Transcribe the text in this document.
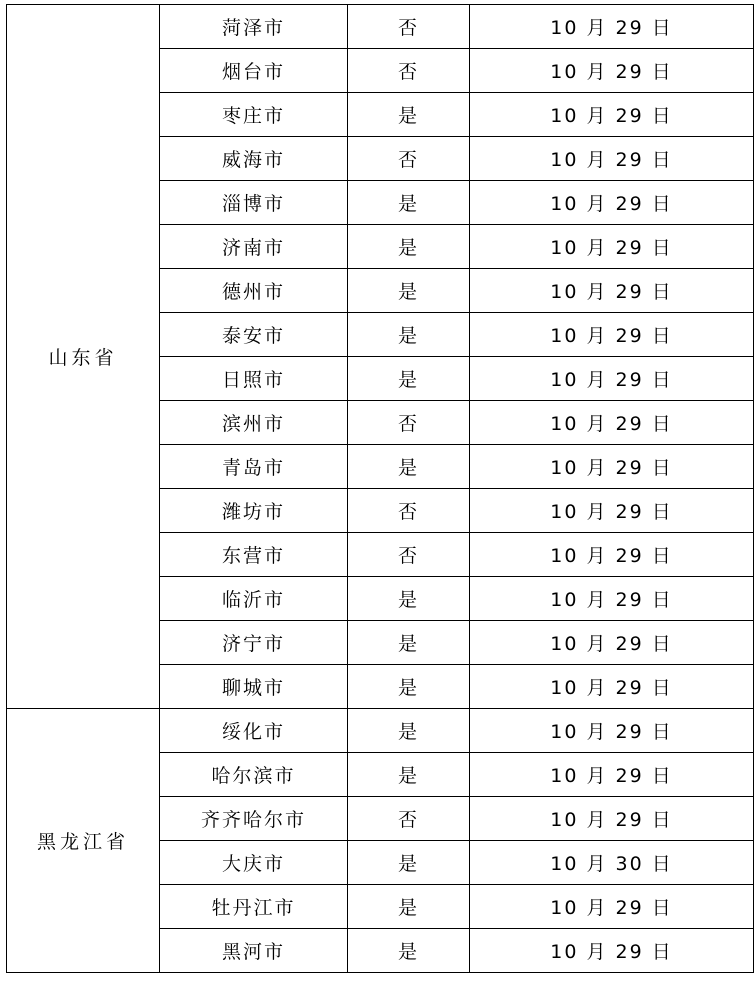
山东省	菏泽市	否	10 月 29 日
	烟台市	否	10 月 29 日
	枣庄市	是	10 月 29 日
	威海市	否	10 月 29 日
	淄博市	是	10 月 29 日
	济南市	是	10 月 29 日
	德州市	是	10 月 29 日
	泰安市	是	10 月 29 日
	日照市	是	10 月 29 日
	滨州市	否	10 月 29 日
	青岛市	是	10 月 29 日
	潍坊市	否	10 月 29 日
	东营市	否	10 月 29 日
	临沂市	是	10 月 29 日
	济宁市	是	10 月 29 日
	聊城市	是	10 月 29 日
黑龙江省	绥化市	是	10 月 29 日
	哈尔滨市	是	10 月 29 日
	齐齐哈尔市	否	10 月 29 日
	大庆市	是	10 月 30 日
	牡丹江市	是	10 月 29 日
	黑河市	是	10 月 29 日
